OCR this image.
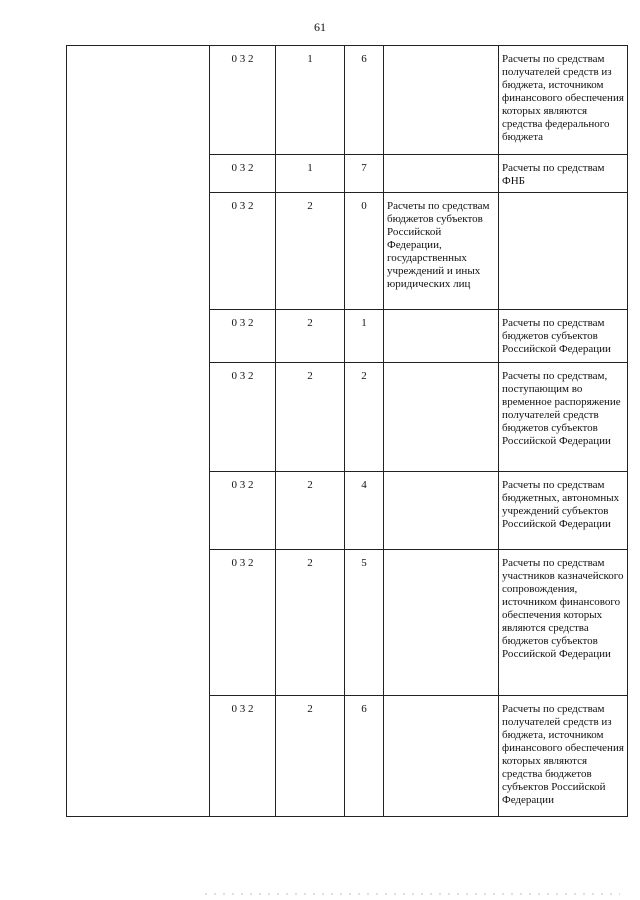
61
	0 3 2	1	6		Расчеты по средствам получателей средств из бюджета, источником финансового обеспечения которых являются средства федерального бюджета
	0 3 2	1	7		Расчеты по средствам ФНБ
	0 3 2	2	0	Расчеты по средствам бюджетов субъектов Российской Федерации, государственных учреждений и иных юридических лиц	
	0 3 2	2	1		Расчеты по средствам бюджетов субъектов Российской Федерации
	0 3 2	2	2		Расчеты по средствам, поступающим во временное распоряжение получателей средств бюджетов субъектов Российской Федерации
	0 3 2	2	4		Расчеты по средствам бюджетных, автономных учреждений субъектов Российской Федерации
	0 3 2	2	5		Расчеты по средствам участников казначейского сопровождения, источником финансового обеспечения которых являются средства бюджетов субъектов Российской Федерации
	0 3 2	2	6		Расчеты по средствам получателей средств из бюджета, источником финансового обеспечения которых являются средства бюджетов субъектов Российской Федерации
